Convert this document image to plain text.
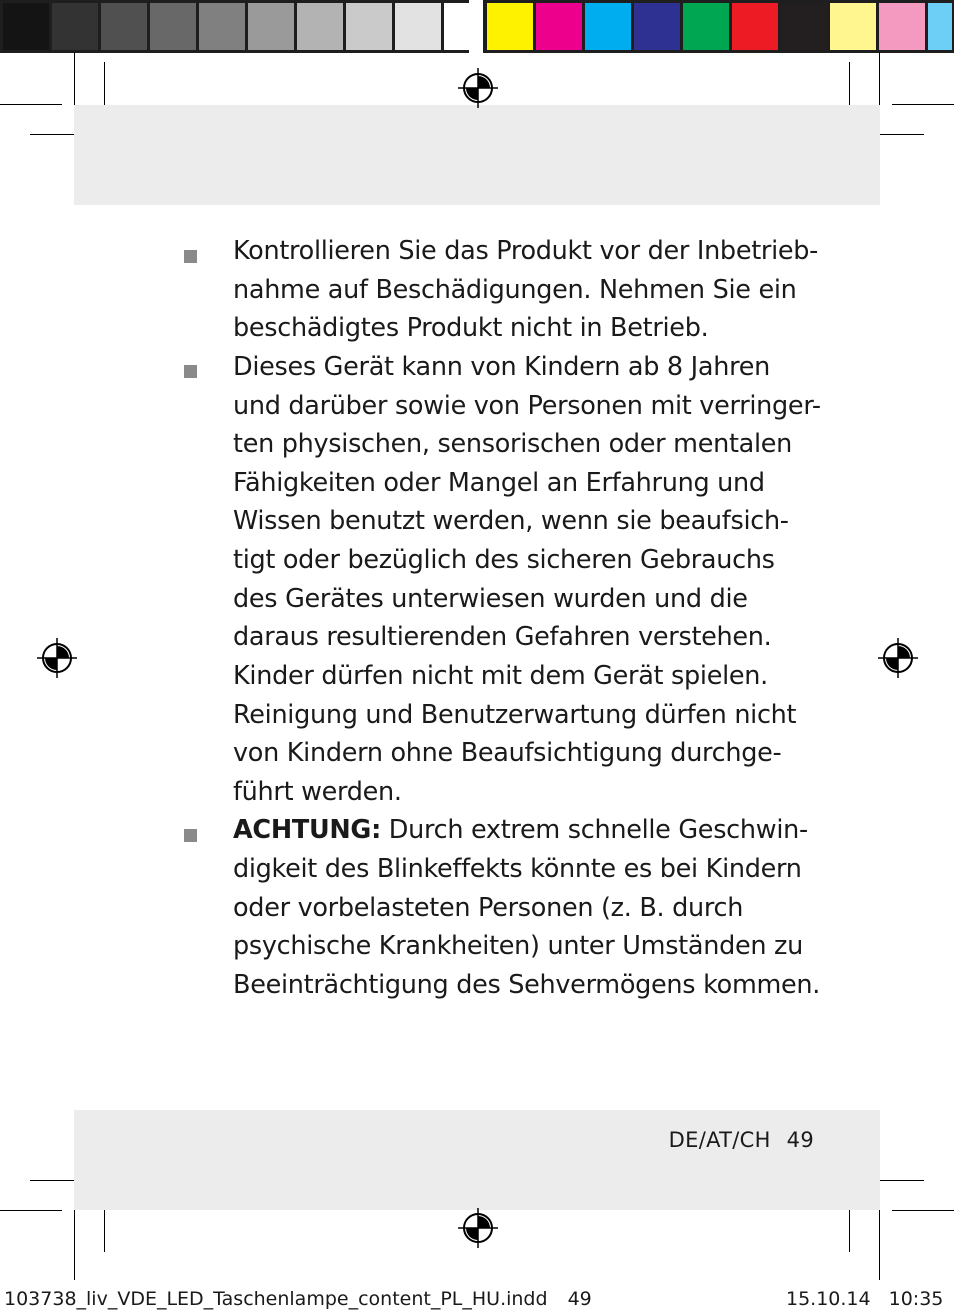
Kontrollieren Sie das Produkt vor der Inbetrieb-
nahme auf Beschädigungen. Nehmen Sie ein
beschädigtes Produkt nicht in Betrieb.
Dieses Gerät kann von Kindern ab 8 Jahren
und darüber sowie von Personen mit verringer-
ten physischen, sensorischen oder mentalen
Fähigkeiten oder Mangel an Erfahrung und
Wissen benutzt werden, wenn sie beaufsich-
tigt oder bezüglich des sicheren Gebrauchs
des Gerätes unterwiesen wurden und die
daraus resultierenden Gefahren verstehen.
Kinder dürfen nicht mit dem Gerät spielen.
Reinigung und Benutzerwartung dürfen nicht
von Kindern ohne Beaufsichtigung durchge-
führt werden.
ACHTUNG: Durch extrem schnelle Geschwin-
digkeit des Blinkeffekts könnte es bei Kindern
oder vorbelasteten Personen (z. B. durch
psychische Krankheiten) unter Umständen zu
Beeinträchtigung des Sehvermögens kommen.
DE/AT/CH 49
103738_liv_VDE_LED_Taschenlampe_content_PL_HU.indd 49	15.10.14 10:35
